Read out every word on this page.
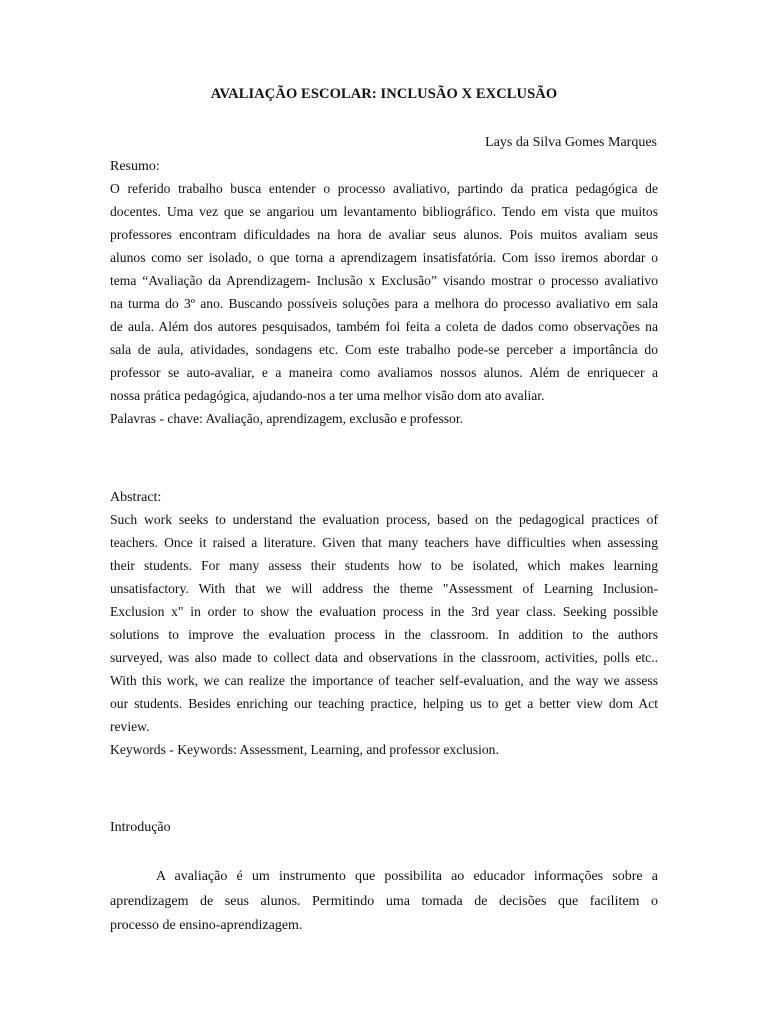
AVALIAÇÃO ESCOLAR: INCLUSÃO X EXCLUSÃO
Lays da Silva Gomes Marques
Resumo:
O referido trabalho busca entender o processo avaliativo, partindo da pratica pedagógica de
docentes. Uma vez que se angariou um levantamento bibliográfico. Tendo em vista que muitos
professores encontram dificuldades na hora de avaliar seus alunos. Pois muitos avaliam seus
alunos como ser isolado, o que torna a aprendizagem insatisfatória. Com isso iremos abordar o
tema “Avaliação da Aprendizagem- Inclusão x Exclusão” visando mostrar o processo avaliativo
na turma do 3º ano. Buscando possíveis soluções para a melhora do processo avaliativo em sala
de aula. Além dos autores pesquisados, também foi feita a coleta de dados como observações na
sala de aula, atividades, sondagens etc. Com este trabalho pode-se perceber a importância do
professor se auto-avaliar, e a maneira como avaliamos nossos alunos. Além de enriquecer a
nossa prática pedagógica, ajudando-nos a ter uma melhor visão dom ato avaliar.
Palavras - chave: Avaliação, aprendizagem, exclusão e professor.
Abstract:
Such work seeks to understand the evaluation process, based on the pedagogical practices of
teachers. Once it raised a literature. Given that many teachers have difficulties when assessing
their students. For many assess their students how to be isolated, which makes learning
unsatisfactory. With that we will address the theme "Assessment of Learning Inclusion-
Exclusion x" in order to show the evaluation process in the 3rd year class. Seeking possible
solutions to improve the evaluation process in the classroom. In addition to the authors
surveyed, was also made to collect data and observations in the classroom, activities, polls etc..
With this work, we can realize the importance of teacher self-evaluation, and the way we assess
our students. Besides enriching our teaching practice, helping us to get a better view dom Act
review.
Keywords - Keywords: Assessment, Learning, and professor exclusion.
Introdução
A avaliação é um instrumento que possibilita ao educador informações sobre a
aprendizagem de seus alunos. Permitindo uma tomada de decisões que facilitem o
processo de ensino-aprendizagem.
